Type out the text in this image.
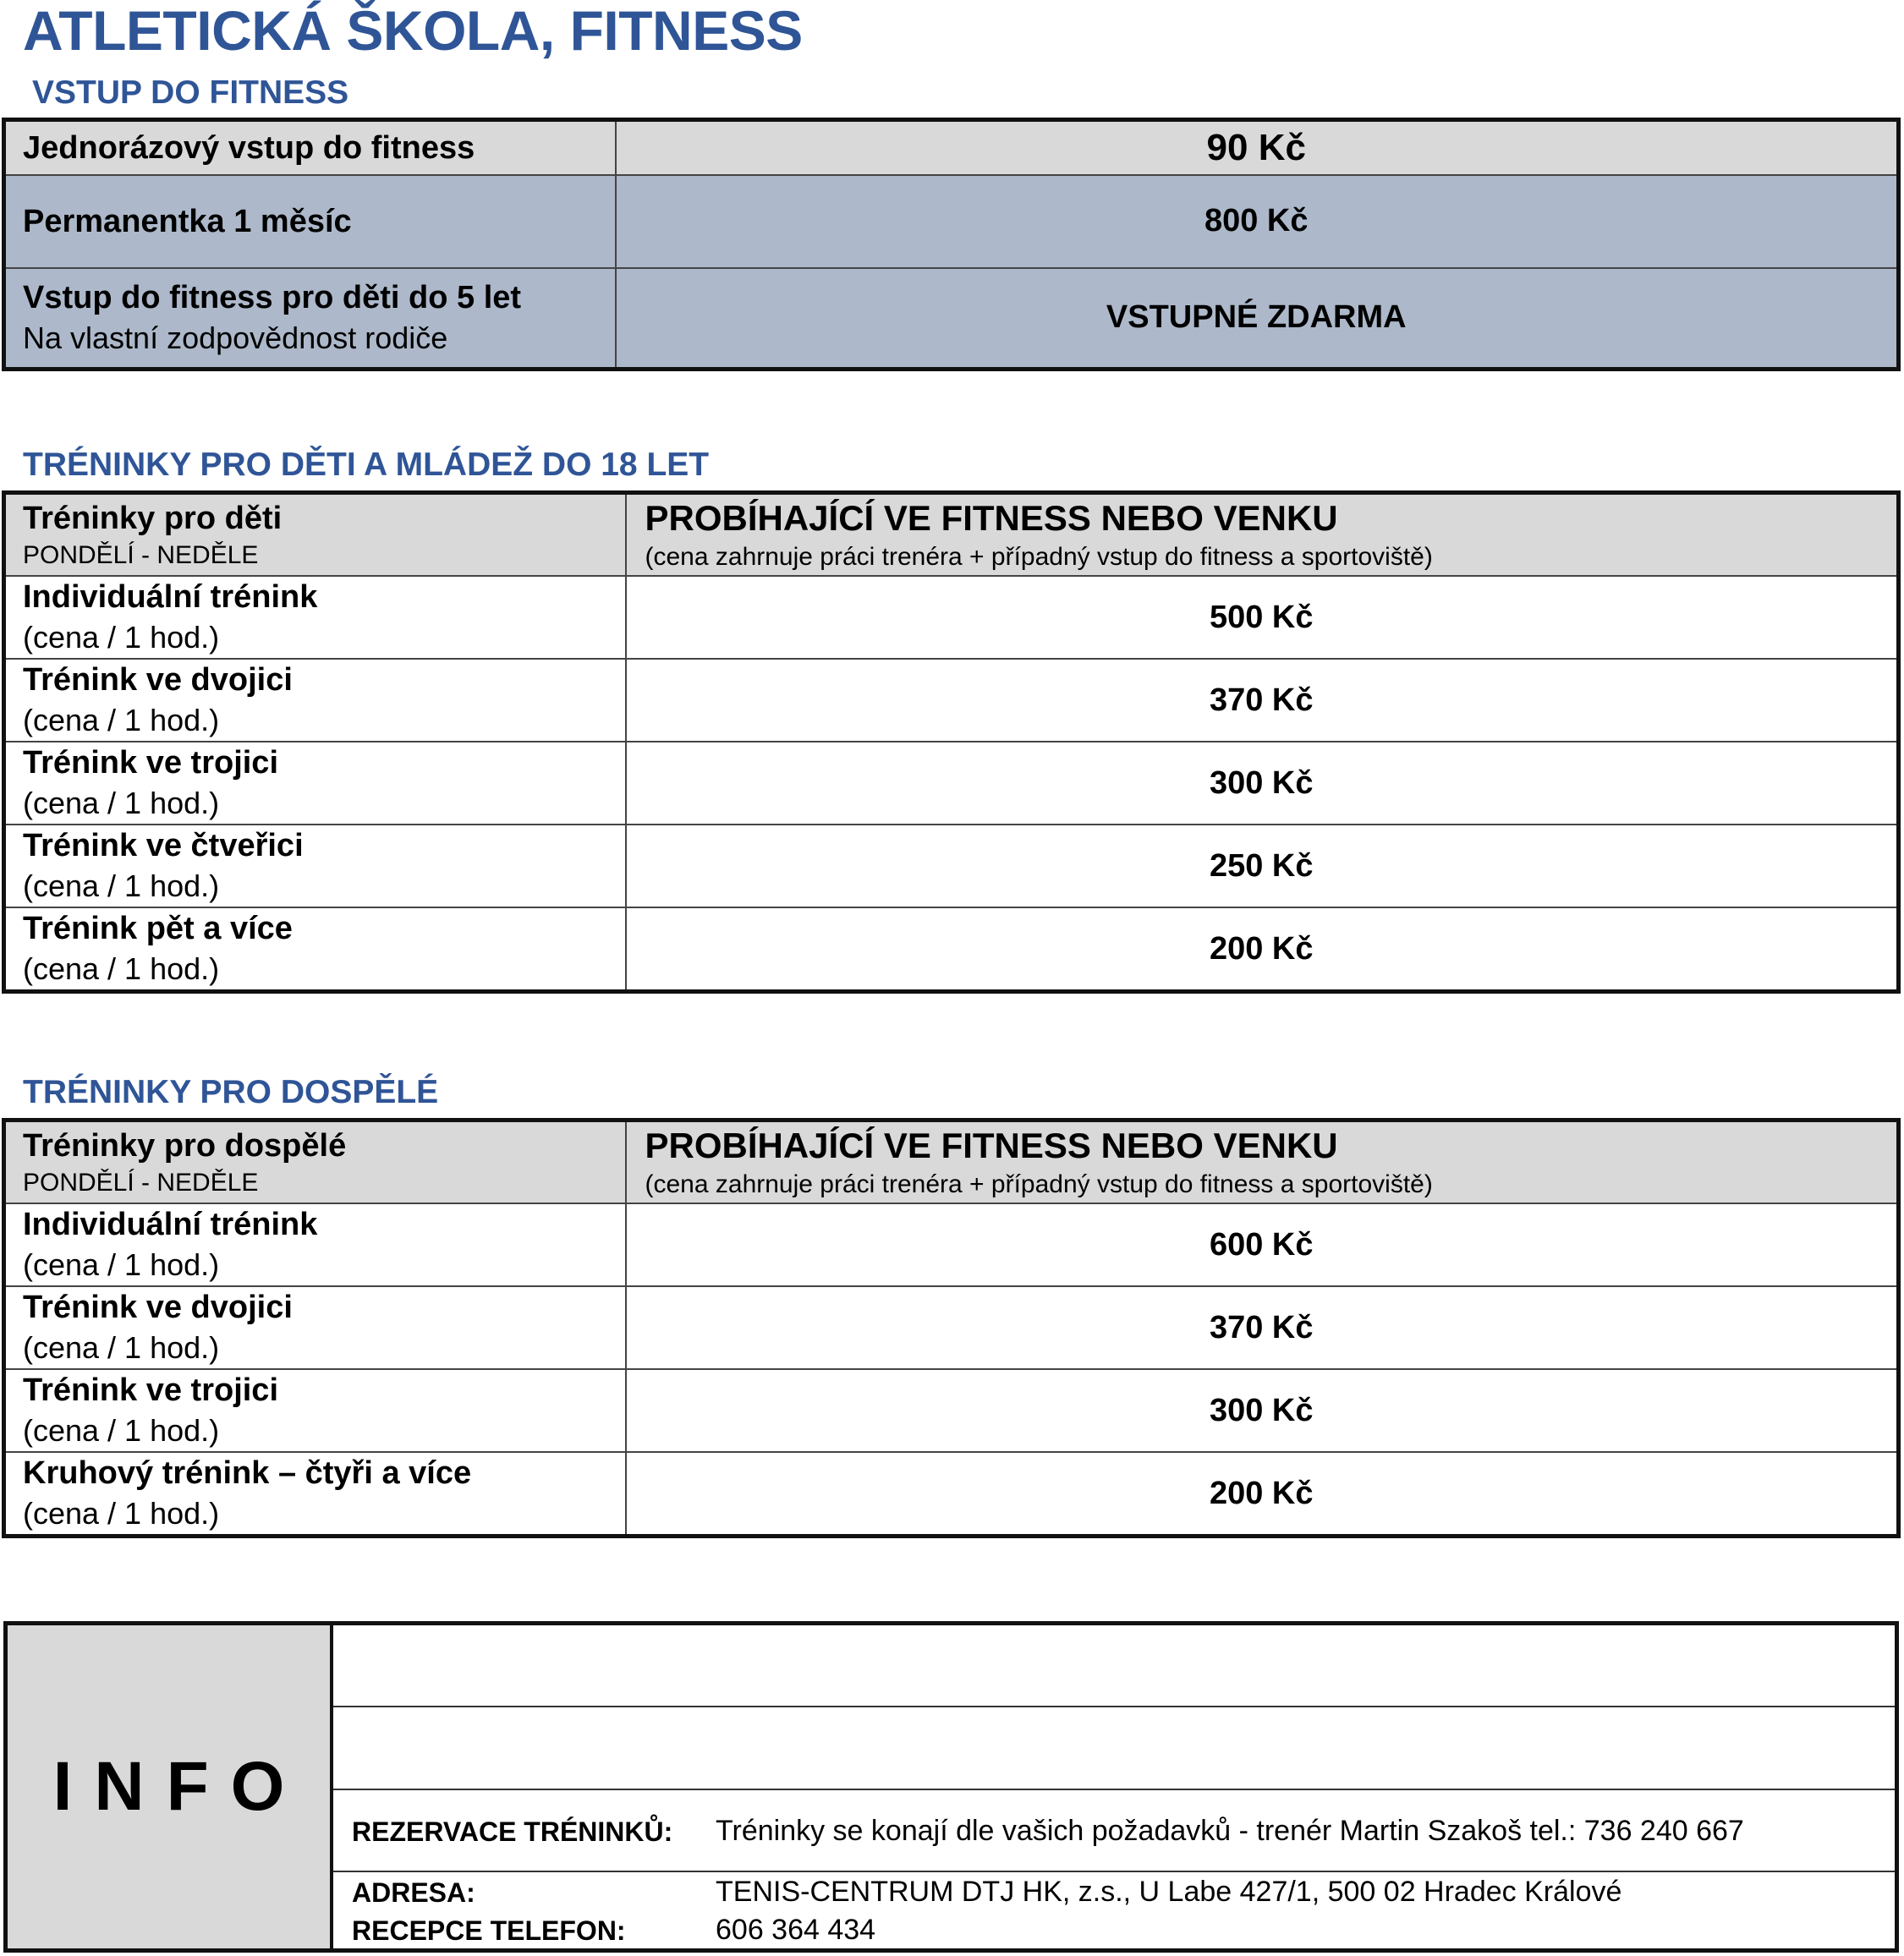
ATLETICKÁ ŠKOLA, FITNESS
VSTUP DO FITNESS
Jednorázový vstup do fitness	90 Kč

Permanentka 1 měsíc	800 Kč

Vstup do fitness pro děti do 5 let
Na vlastní zodpovědnost rodiče	VSTUPNÉ ZDARMA
TRÉNINKY PRO DĚTI A MLÁDEŽ DO 18 LET
Tréninky pro děti
PONDĚLÍ - NEDĚLE	PROBÍHAJÍCÍ VE FITNESS NEBO VENKU
(cena zahrnuje práci trenéra + případný vstup do fitness a sportoviště)

Individuální trénink
(cena / 1 hod.)	500 Kč

Trénink ve dvojici
(cena / 1 hod.)	370 Kč

Trénink ve trojici
(cena / 1 hod.)	300 Kč

Trénink ve čtveřici
(cena / 1 hod.)	250 Kč

Trénink pět a více
(cena / 1 hod.)	200 Kč
TRÉNINKY PRO DOSPĚLÉ
Tréninky pro dospělé
PONDĚLÍ - NEDĚLE	PROBÍHAJÍCÍ VE FITNESS NEBO VENKU
(cena zahrnuje práci trenéra + případný vstup do fitness a sportoviště)

Individuální trénink
(cena / 1 hod.)	600 Kč

Trénink ve dvojici
(cena / 1 hod.)	370 Kč

Trénink ve trojici
(cena / 1 hod.)	300 Kč

Kruhový trénink – čtyři a více
(cena / 1 hod.)	200 Kč
INFO
REZERVACE TRÉNINKŮ: Tréninky se konají dle vašich požadavků - trenér Martin Szakoš tel.: 736 240 667
ADRESA:	TENIS-CENTRUM DTJ HK, z.s., U Labe 427/1, 500 02 Hradec Králové
RECEPCE TELEFON:	606 364 434
